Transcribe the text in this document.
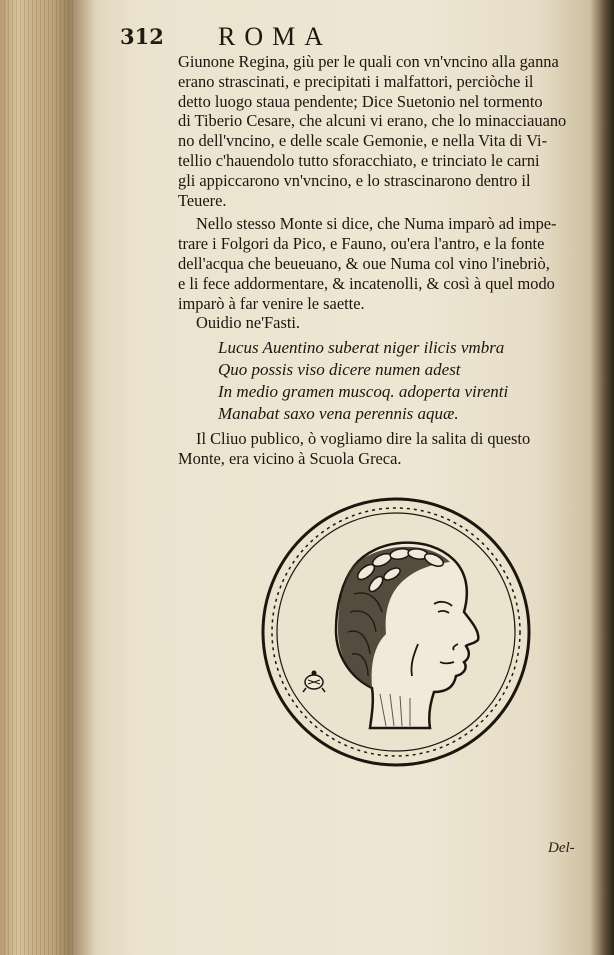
312 ROMA
Giunone Regina, giù per le quali con vn'vncino alla ganna
erano strascinati, e precipitati i malfattori, perciòche il
detto luogo staua pendente; Dice Suetonio nel tormento
di Tiberio Cesare, che alcuni vi erano, che lo minacciauano
no dell'vncino, e delle scale Gemonie, e nella Vita di Vi-
tellio c'hauendolo tutto sforacchiato, e trinciato le carni
gli appiccarono vn'vncino, e lo strascinarono dentro il
Teuere.
Nello stesso Monte si dice, che Numa imparò ad impe-
trare i Folgori da Pico, e Fauno, ou'era l'antro, e la fonte
dell'acqua che beueuano, & oue Numa col vino l'inebriò,
e li fece addormentare, & incatenolli, & così à quel modo
imparò à far venire le saette.
Ouidio ne'Fasti.
Lucus Auentino suberat niger ilicis vmbra
Quo possis viso dicere numen adest
In medio gramen muscoq. adoperta virenti
Manabat saxo vena perennis aquæ.
Il Cliuo publico, ò vogliamo dire la salita di questo
Monte, era vicino à Scuola Greca.
Del-
